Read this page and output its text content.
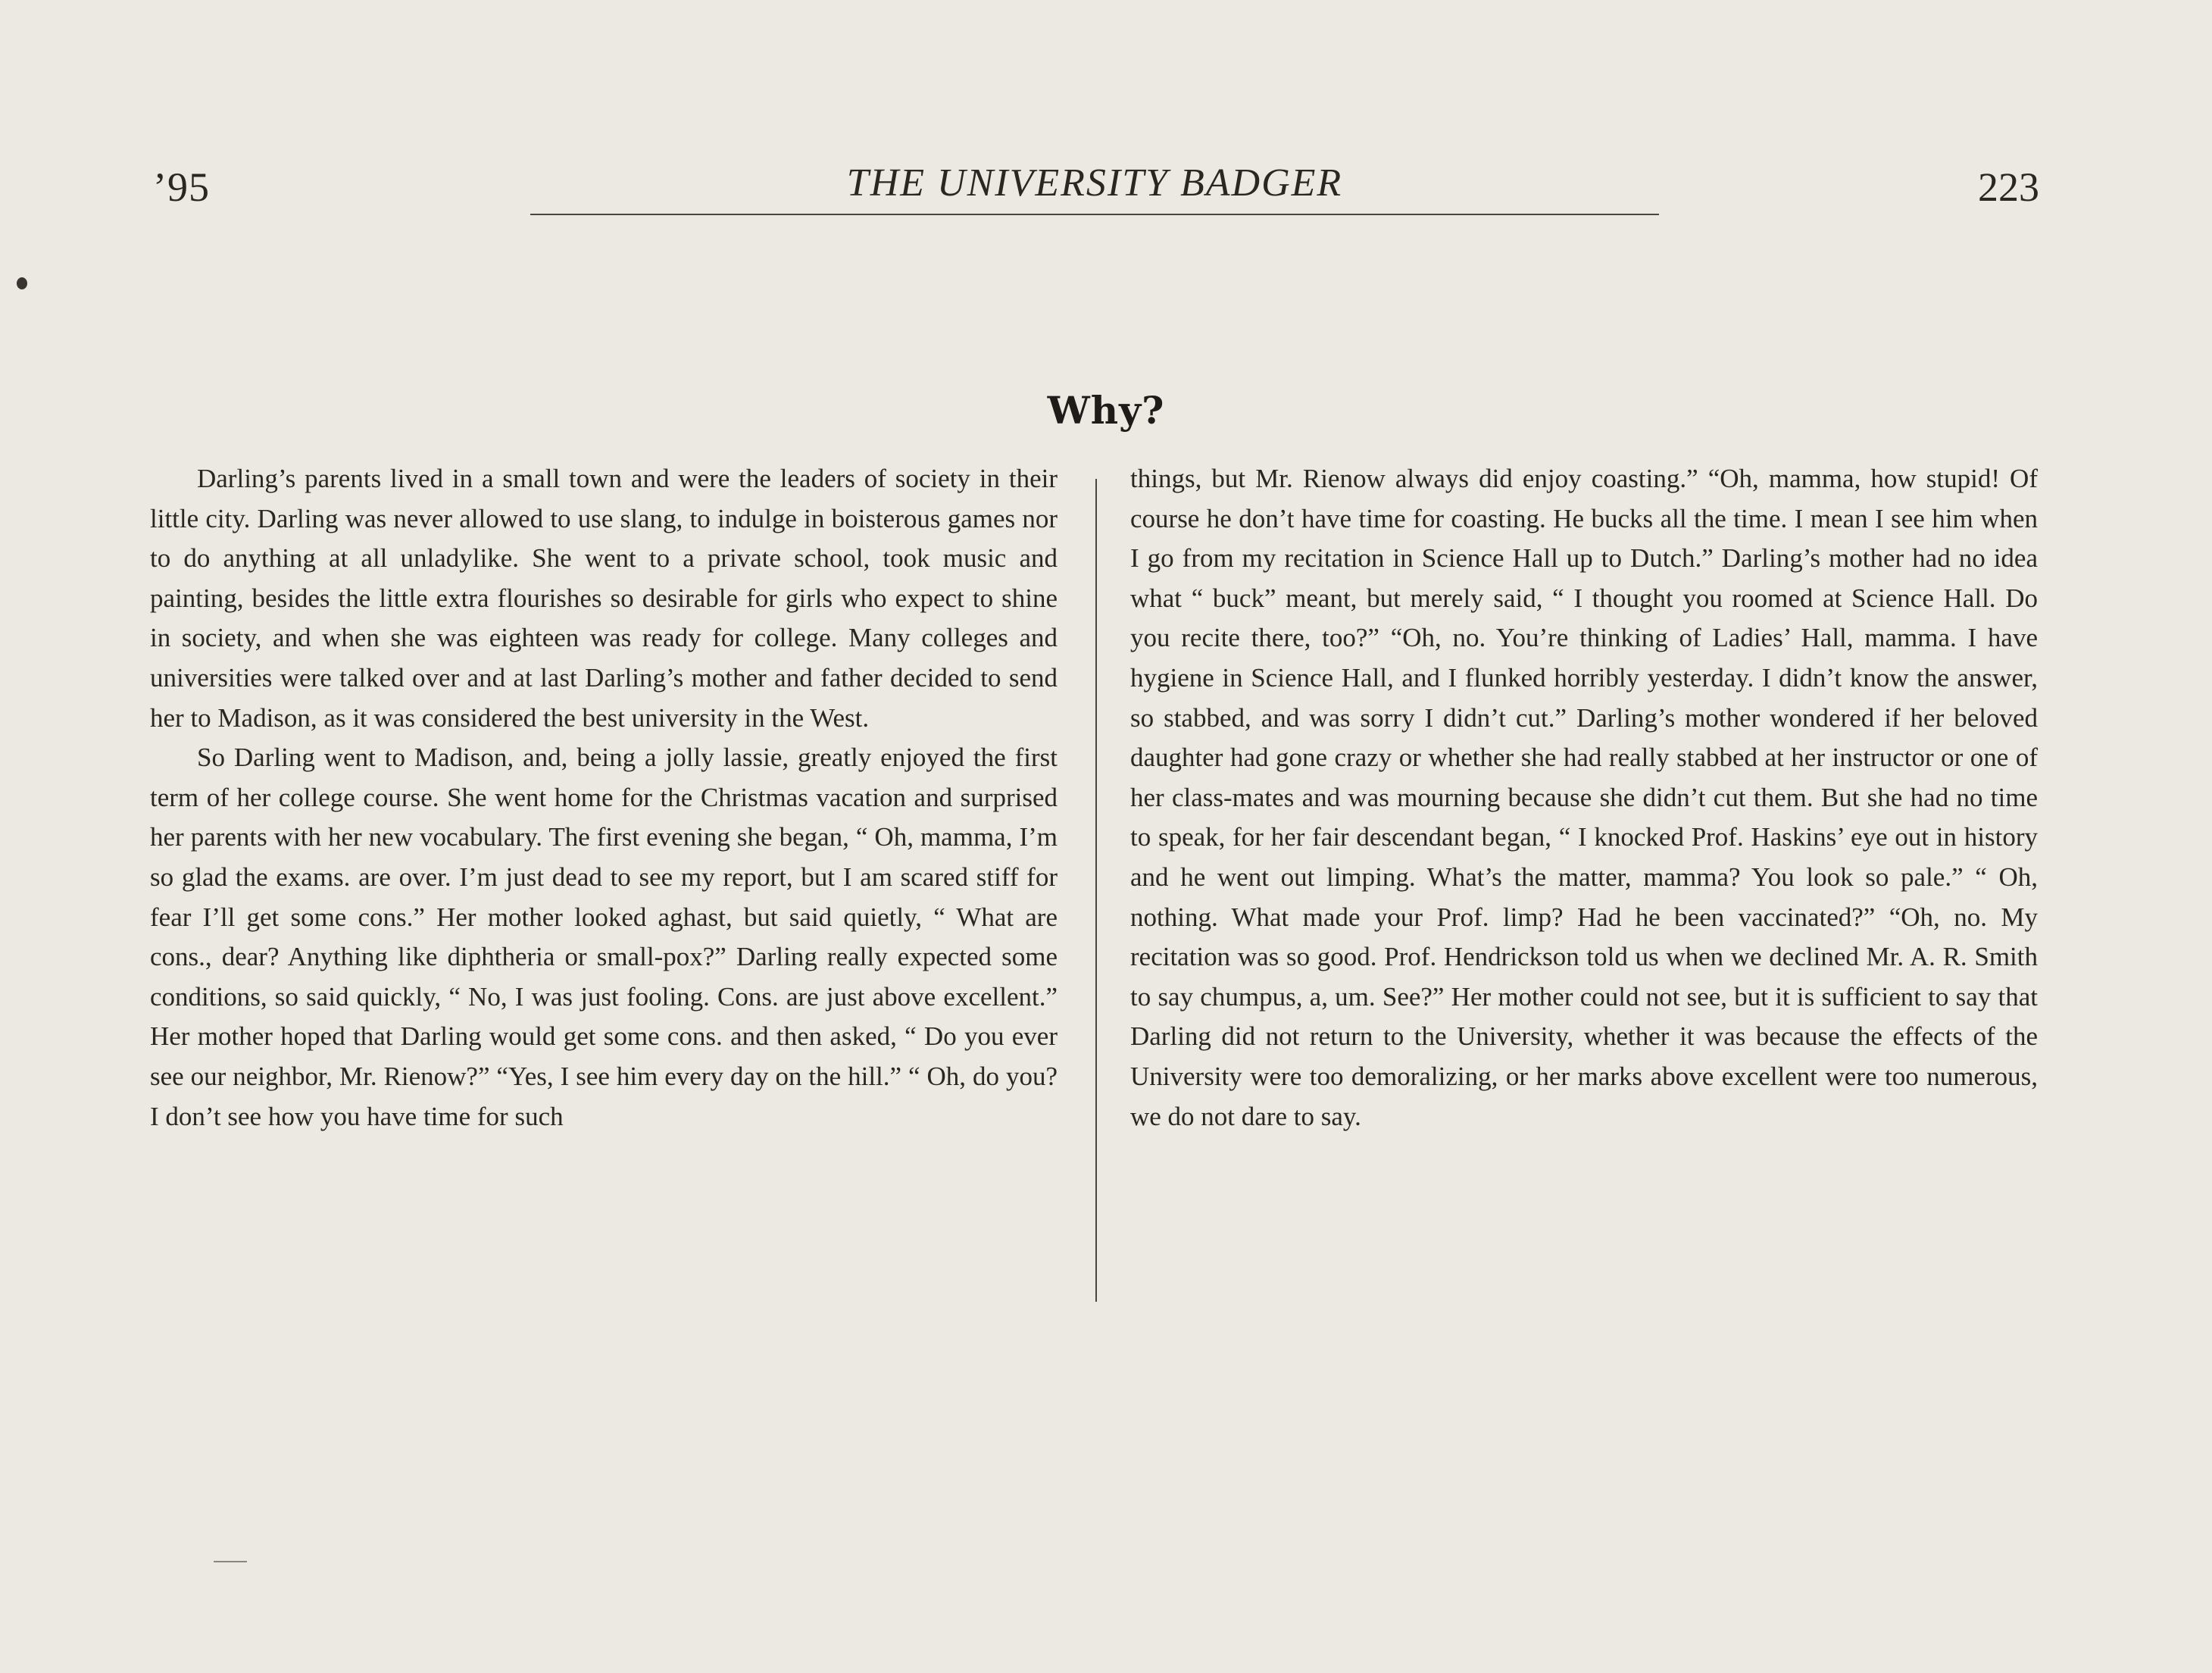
’95	THE UNIVERSITY BADGER	223
Why?

Darling’s parents lived in a small town and were the leaders of society in their little city. Darling was never allowed to use slang, to indulge in boisterous games nor to do anything at all unladylike. She went to a private school, took music and painting, besides the little extra flourishes so desirable for girls who expect to shine in society, and when she was eighteen was ready for college. Many colleges and universities were talked over and at last Darling’s mother and father decided to send her to Madison, as it was considered the best university in the West.

So Darling went to Madison, and, being a jolly lassie, greatly enjoyed the first term of her college course. She went home for the Christmas vacation and surprised her parents with her new vocabulary. The first evening she began, “ Oh, mamma, I’m so glad the exams. are over. I’m just dead to see my report, but I am scared stiff for fear I’ll get some cons.” Her mother looked aghast, but said quietly, “ What are cons., dear? Anything like diphtheria or small-pox?” Darling really expected some conditions, so said quickly, “ No, I was just fooling. Cons. are just above excellent.” Her mother hoped that Darling would get some cons. and then asked, “ Do you ever see our neighbor, Mr. Rienow?” “Yes, I see him every day on the hill.” “ Oh, do you? I don’t see how you have time for such

things, but Mr. Rienow always did enjoy coasting.” “Oh, mamma, how stupid! Of course he don’t have time for coasting. He bucks all the time. I mean I see him when I go from my recitation in Science Hall up to Dutch.” Darling’s mother had no idea what “ buck” meant, but merely said, “ I thought you roomed at Science Hall. Do you recite there, too?” “Oh, no. You’re thinking of Ladies’ Hall, mamma. I have hygiene in Science Hall, and I flunked horribly yesterday. I didn’t know the answer, so stabbed, and was sorry I didn’t cut.” Darling’s mother wondered if her beloved daughter had gone crazy or whether she had really stabbed at her instructor or one of her class-mates and was mourning because she didn’t cut them. But she had no time to speak, for her fair descendant began, “ I knocked Prof. Haskins’ eye out in history and he went out limping. What’s the matter, mamma? You look so pale.” “ Oh, nothing. What made your Prof. limp? Had he been vaccinated?” “Oh, no. My recitation was so good. Prof. Hendrickson told us when we declined Mr. A. R. Smith to say chumpus, a, um. See?” Her mother could not see, but it is sufficient to say that Darling did not return to the University, whether it was because the effects of the University were too demoralizing, or her marks above excellent were too numerous, we do not dare to say.
